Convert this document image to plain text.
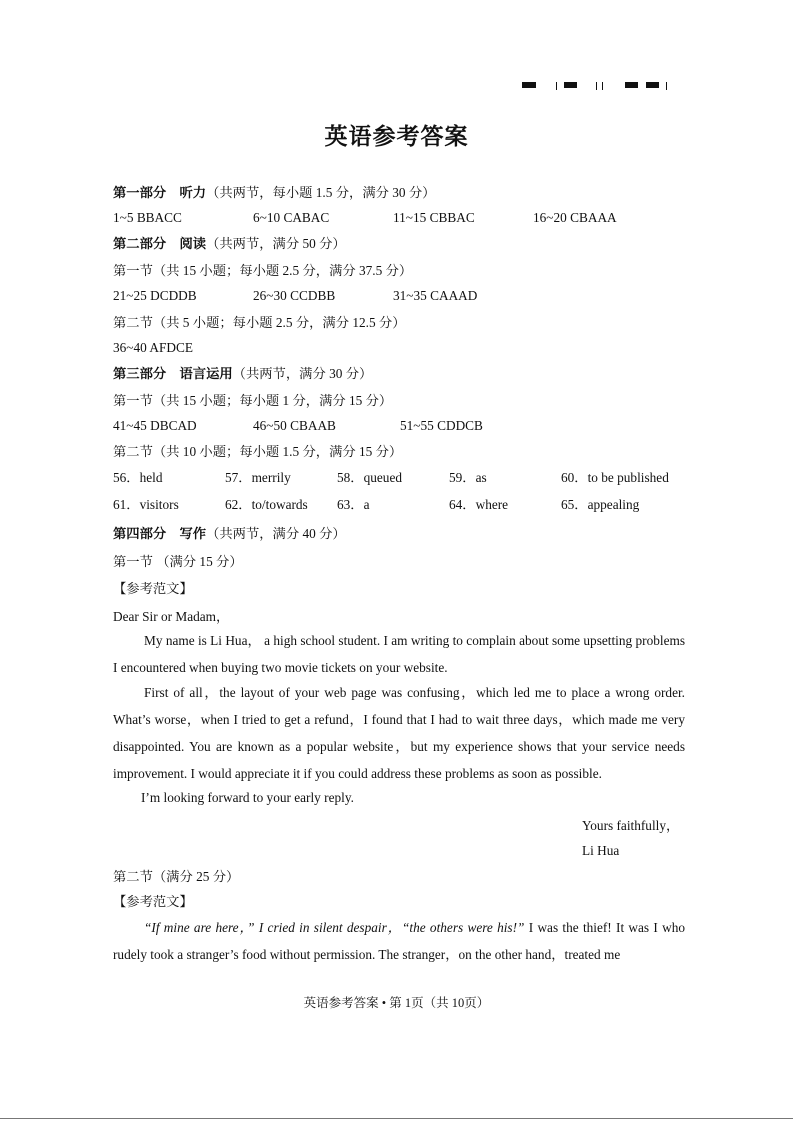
英语参考答案
第一部分　听力（共两节，每小题 1.5 分，满分 30 分）
1~5 BBACC	6~10 CABAC	11~15 CBBAC	16~20 CBAAA
第二部分　阅读（共两节，满分 50 分）
第一节（共 15 小题；每小题 2.5 分，满分 37.5 分）
21~25 DCDDB	26~30 CCDBB	31~35 CAAAD
第二节（共 5 小题；每小题 2.5 分，满分 12.5 分）
36~40 AFDCE
第三部分　语言运用（共两节，满分 30 分）
第一节（共 15 小题；每小题 1 分，满分 15 分）
41~45 DBCAD	46~50 CBAAB	51~55 CDDCB
第二节（共 10 小题；每小题 1.5 分，满分 15 分）
56．held	57．merrily	58．queued	59．as	60．to be published
61．visitors	62．to/towards 63．a	64．where	65．appealing
第四部分　写作（共两节，满分 40 分）
第一节 （满分 15 分）
【参考范文】
Dear Sir or Madam，
My name is Li Hua， a high school student. I am writing to complain about some upsetting problems I encountered when buying two movie tickets on your website.
First of all，the layout of your web page was confusing，which led me to place a wrong order. What’s worse，when I tried to get a refund，I found that I had to wait three days，which made me very disappointed. You are known as a popular website，but my experience shows that your service needs improvement. I would appreciate it if you could address these problems as soon as possible.
I’m looking forward to your early reply.
Yours faithfully，
Li Hua
第二节（满分 25 分）
【参考范文】
“If mine are here，” I cried in silent despair，“the others were his!” I was the thief! It was I who rudely took a stranger’s food without permission. The stranger，on the other hand，treated me
英语参考答案 • 第 1页（共 10页）
